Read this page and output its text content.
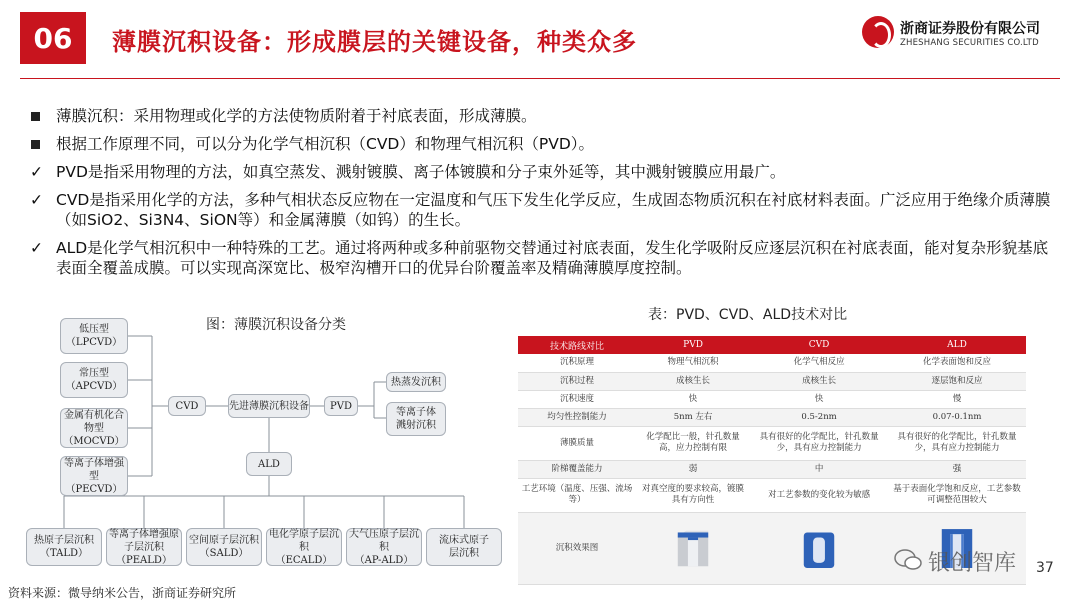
06	薄膜沉积设备：形成膜层的关键设备，种类众多	浙商证券股份有限公司
ZHESHANG SECURITIES CO.LTD
薄膜沉积：采用物理或化学的方法使物质附着于衬底表面，形成薄膜。
根据工作原理不同，可以分为化学气相沉积（CVD）和物理气相沉积（PVD）。
✓ PVD是指采用物理的方法，如真空蒸发、溅射镀膜、离子体镀膜和分子束外延等，其中溅射镀膜应用最广。
✓ CVD是指采用化学的方法，多种气相状态反应物在一定温度和气压下发生化学反应，生成固态物质沉积在衬底材料表面。广泛应用于绝缘介质薄膜（如SiO2、Si3N4、SiON等）和金属薄膜（如钨）的生长。
✓ ALD是化学气相沉积中一种特殊的工艺。通过将两种或多种前驱物交替通过衬底表面，发生化学吸附反应逐层沉积在衬底表面，能对复杂形貌基底表面全覆盖成膜。可以实现高深宽比、极窄沟槽开口的优异台阶覆盖率及精确薄膜厚度控制。
图：薄膜沉积设备分类
低压型
（LPCVD）
常压型
（APCVD）
金属有机化合物型
（MOCVD）
等离子体增强型
（PECVD）
CVD	先进薄膜沉积设备	PVD
热蒸发沉积
等离子体溅射沉积
ALD
热原子层沉积
（TALD）
等离子体增强原子层沉积
（PEALD）
空间原子层沉积
（SALD）
电化学原子层沉积
（ECALD）
大气压原子层沉积
（AP-ALD）
流床式原子层沉积
表：PVD、CVD、ALD技术对比
技术路线对比	PVD	CVD	ALD
沉积原理	物理气相沉积	化学气相反应	化学表面饱和反应
沉积过程	成核生长	成核生长	逐层饱和反应
沉积速度	快	快	慢
均匀性控制能力	5nm 左右	0.5-2nm	0.07-0.1nm
薄膜质量	化学配比一般，针孔数量高，应力控制有限	具有很好的化学配比，针孔数量少，具有应力控制能力	具有很好的化学配比，针孔数量少，具有应力控制能力
阶梯覆盖能力	弱	中	强
工艺环境（温度、压强、流场等）	对真空度的要求较高，镀膜具有方向性	对工艺参数的变化较为敏感	基于表面化学饱和反应，工艺参数可调整范围较大
沉积效果图			
资料来源：微导纳米公告，浙商证券研究所
银创智库 37
